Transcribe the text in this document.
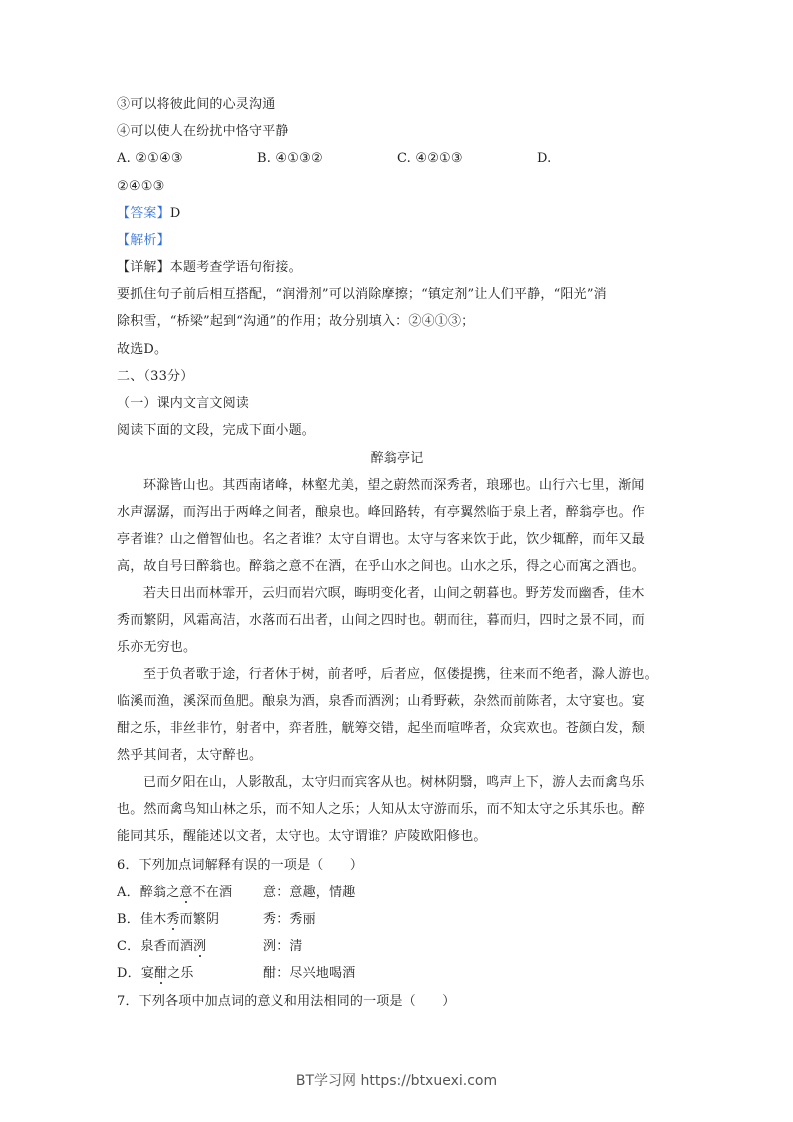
③可以将彼此间的心灵沟通
④可以使人在纷扰中恪守平静
A. ②①④③	B. ④①③②	C. ④②①③	D.
②④①③
【答案】D
【解析】
【详解】本题考查学语句衔接。
要抓住句子前后相互搭配，“润滑剂”可以消除摩擦；“镇定剂”让人们平静，“阳光”消
除积雪，“桥梁”起到“沟通”的作用；故分别填入：②④①③；
故选D。
二、（33分）
（一）课内文言文阅读
阅读下面的文段，完成下面小题。
醉翁亭记
环滁皆山也。其西南诸峰，林壑尤美，望之蔚然而深秀者，琅琊也。山行六七里，渐闻
水声潺潺，而泻出于两峰之间者，酿泉也。峰回路转，有亭翼然临于泉上者，醉翁亭也。作
亭者谁？山之僧智仙也。名之者谁？太守自谓也。太守与客来饮于此，饮少辄醉，而年又最
高，故自号曰醉翁也。醉翁之意不在酒，在乎山水之间也。山水之乐，得之心而寓之酒也。
若夫日出而林霏开，云归而岩穴暝，晦明变化者，山间之朝暮也。野芳发而幽香，佳木
秀而繁阴，风霜高洁，水落而石出者，山间之四时也。朝而往，暮而归，四时之景不同，而
乐亦无穷也。
至于负者歌于途，行者休于树，前者呼，后者应，伛偻提携，往来而不绝者，滁人游也。
临溪而渔，溪深而鱼肥。酿泉为酒，泉香而酒洌；山肴野蔌，杂然而前陈者，太守宴也。宴
酣之乐，非丝非竹，射者中，弈者胜，觥筹交错，起坐而喧哗者，众宾欢也。苍颜白发，颓
然乎其间者，太守醉也。
已而夕阳在山，人影散乱，太守归而宾客从也。树林阴翳，鸣声上下，游人去而禽鸟乐
也。然而禽鸟知山林之乐，而不知人之乐；人知从太守游而乐，而不知太守之乐其乐也。醉
能同其乐，醒能述以文者，太守也。太守谓谁？庐陵欧阳修也。
6．下列加点词解释有误的一项是（　　）
A．醉翁之意不在酒 意：意趣，情趣
B．佳木秀而繁阴	秀：秀丽
C．泉香而酒洌	洌：清
D．宴酣之乐	酣：尽兴地喝酒
7．下列各项中加点词的意义和用法相同的一项是（　　）
BT学习网 https://btxuexi.com
